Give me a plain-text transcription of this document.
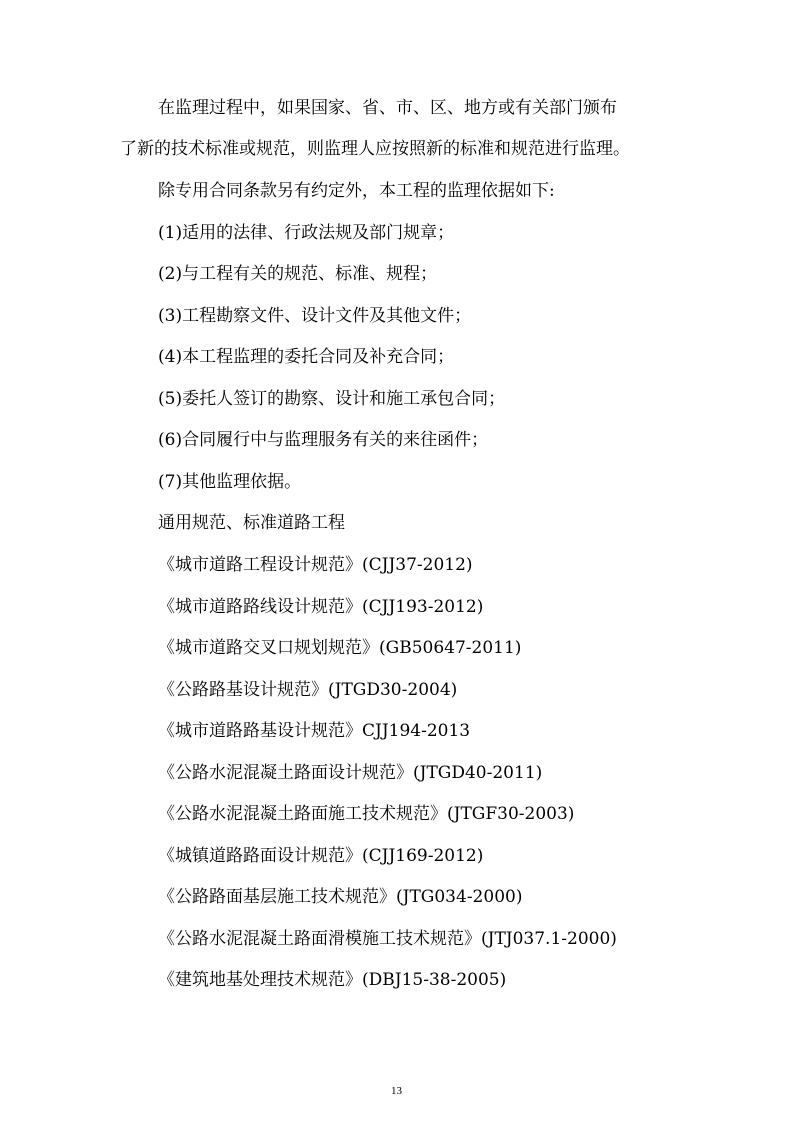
在监理过程中，如果国家、省、市、区、地方或有关部门颁布
了新的技术标准或规范，则监理人应按照新的标准和规范进行监理。
除专用合同条款另有约定外，本工程的监理依据如下:
(1)适用的法律、行政法规及部门规章；
(2)与工程有关的规范、标准、规程；
(3)工程勘察文件、设计文件及其他文件；
(4)本工程监理的委托合同及补充合同；
(5)委托人签订的勘察、设计和施工承包合同；
(6)合同履行中与监理服务有关的来往函件；
(7)其他监理依据。
通用规范、标准道路工程
《城市道路工程设计规范》(CJJ37-2012)
《城市道路路线设计规范》(CJJ193-2012)
《城市道路交叉口规划规范》(GB50647-2011)
《公路路基设计规范》(JTGD30-2004)
《城市道路路基设计规范》CJJ194-2013
《公路水泥混凝土路面设计规范》(JTGD40-2011)
《公路水泥混凝土路面施工技术规范》(JTGF30-2003)
《城镇道路路面设计规范》(CJJ169-2012)
《公路路面基层施工技术规范》(JTG034-2000)
《公路水泥混凝土路面滑模施工技术规范》(JTJ037.1-2000)
《建筑地基处理技术规范》(DBJ15-38-2005)
13
